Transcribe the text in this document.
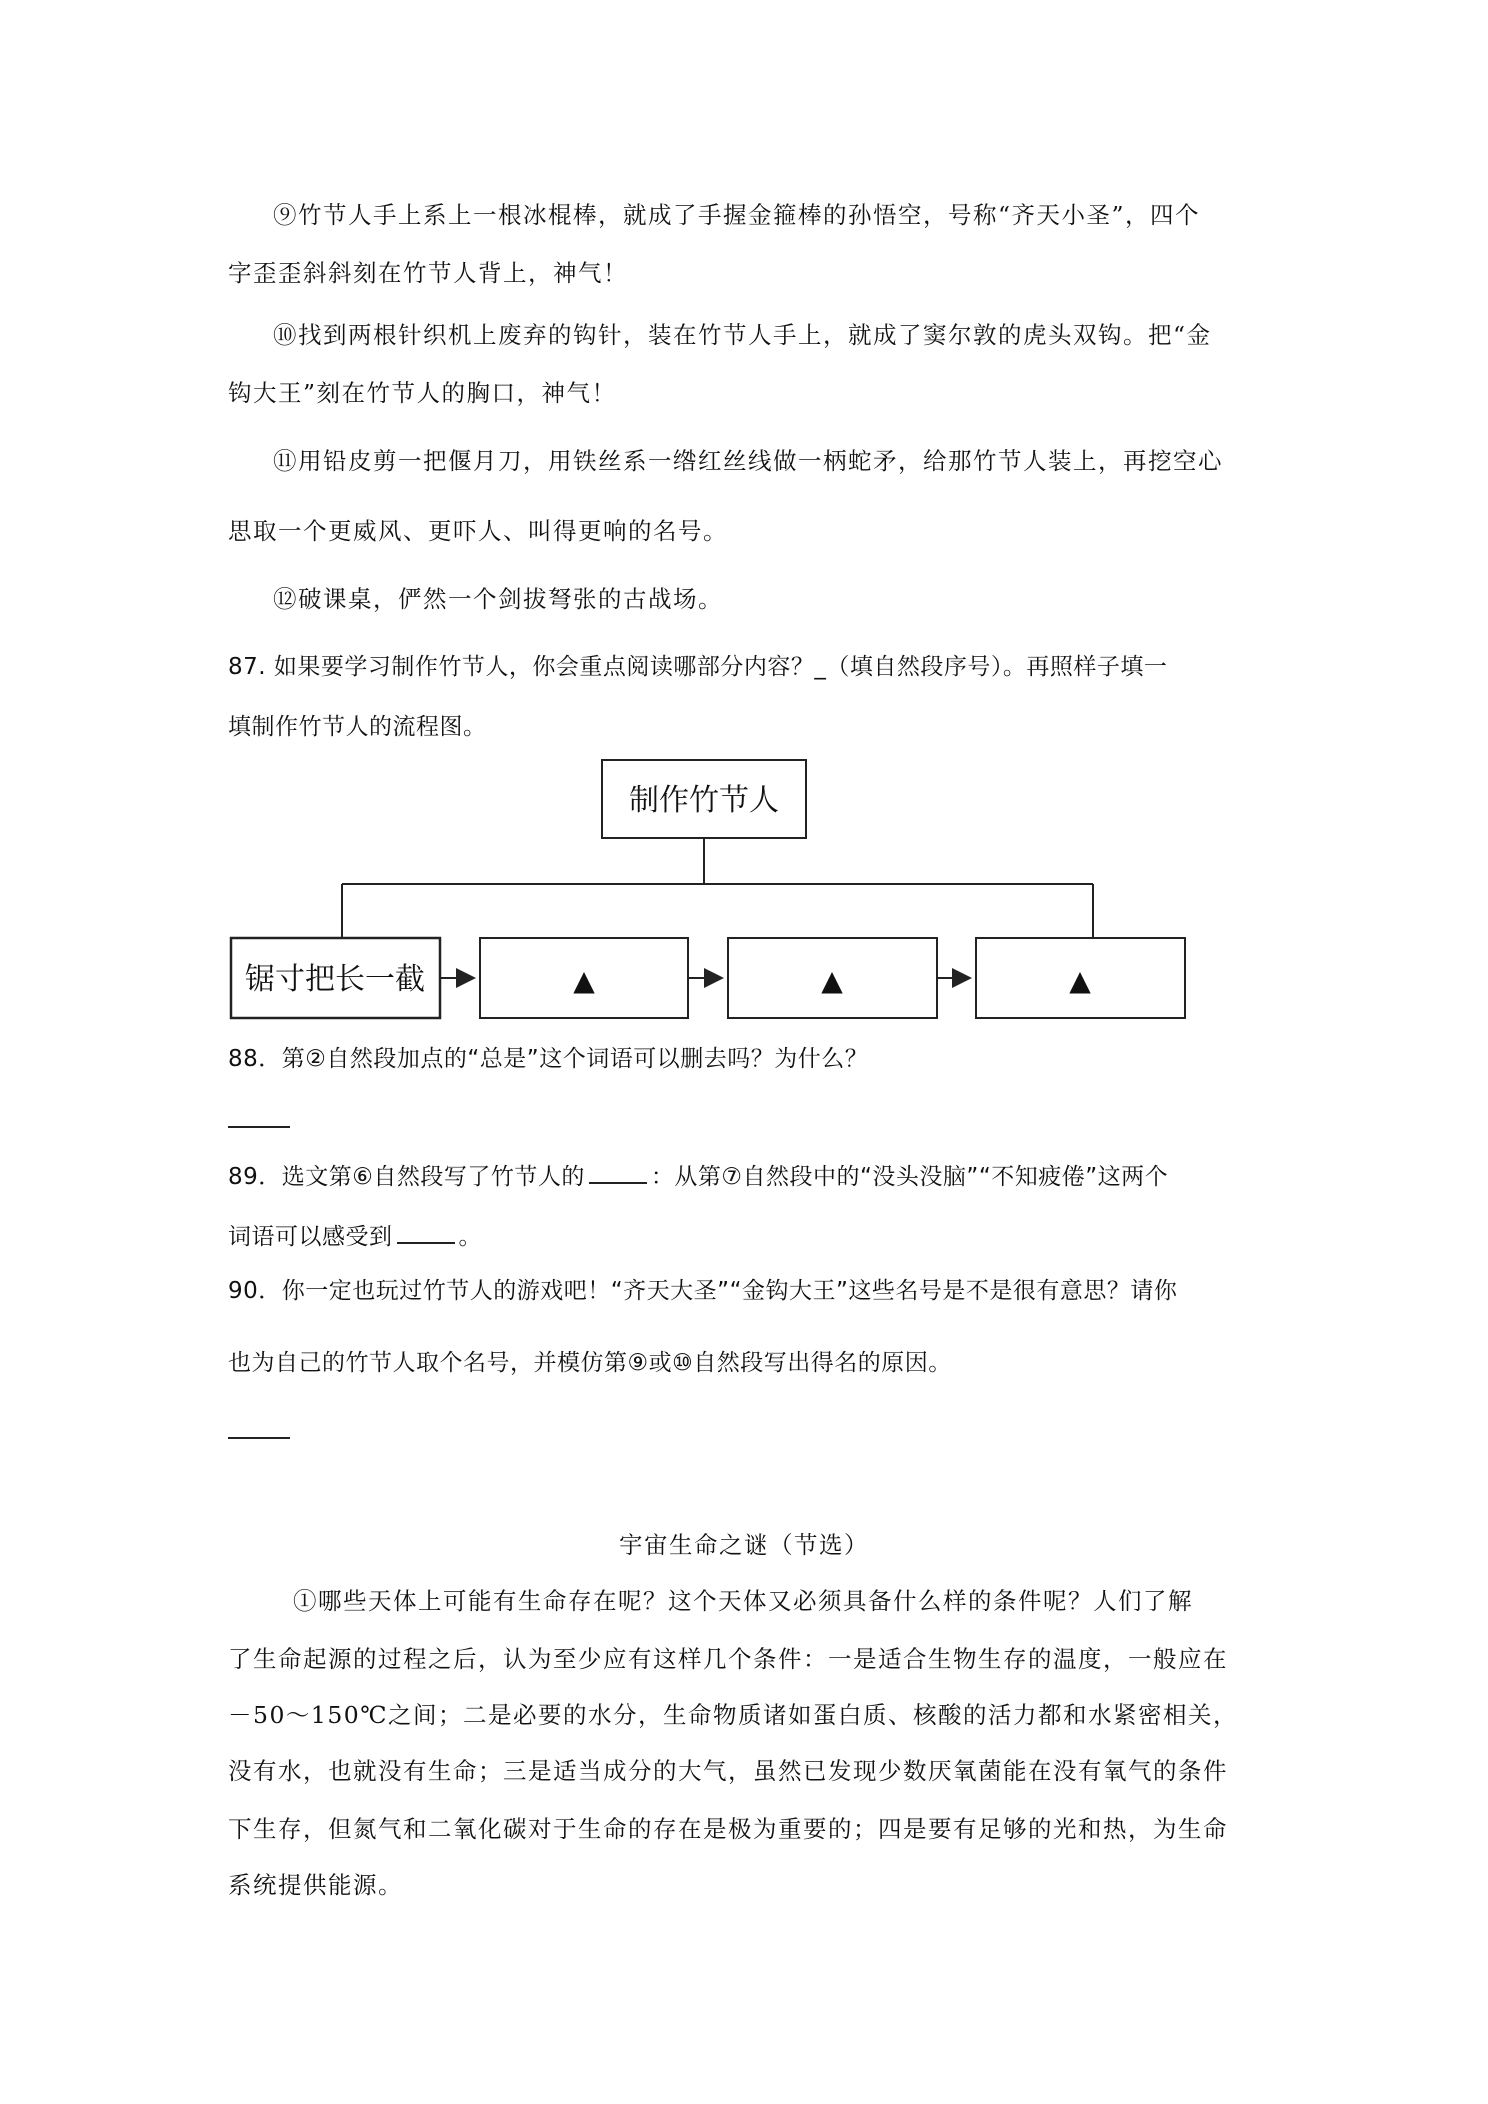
⑨竹节人手上系上一根冰棍棒，就成了手握金箍棒的孙悟空，号称“齐天小圣”，四个
字歪歪斜斜刻在竹节人背上，神气！
⑩找到两根针织机上废弃的钩针，装在竹节人手上，就成了窦尔敦的虎头双钩。把“金
钩大王”刻在竹节人的胸口，神气！
⑪用铅皮剪一把偃月刀，用铁丝系一绺红丝线做一柄蛇矛，给那竹节人装上，再挖空心
思取一个更威风、更吓人、叫得更响的名号。
⑫破课桌，俨然一个剑拔弩张的古战场。
87. 如果要学习制作竹节人，你会重点阅读哪部分内容？_（填自然段序号）。再照样子填一
填制作竹节人的流程图。
制作竹节人
锯寸把长一截	▲	▲	▲
88．第②自然段加点的“总是”这个词语可以删去吗？为什么？
89．选文第⑥自然段写了竹节人的	：从第⑦自然段中的“没头没脑”“不知疲倦”这两个
词语可以感受到	。
90．你一定也玩过竹节人的游戏吧！“齐天大圣”“金钩大王”这些名号是不是很有意思？请你
也为自己的竹节人取个名号，并模仿第⑨或⑩自然段写出得名的原因。
宇宙生命之谜（节选）
①哪些天体上可能有生命存在呢？这个天体又必须具备什么样的条件呢？人们了解
了生命起源的过程之后，认为至少应有这样几个条件：一是适合生物生存的温度，一般应在
－50～150℃之间；二是必要的水分，生命物质诸如蛋白质、核酸的活力都和水紧密相关，
没有水，也就没有生命；三是适当成分的大气，虽然已发现少数厌氧菌能在没有氧气的条件
下生存，但氮气和二氧化碳对于生命的存在是极为重要的；四是要有足够的光和热，为生命
系统提供能源。
